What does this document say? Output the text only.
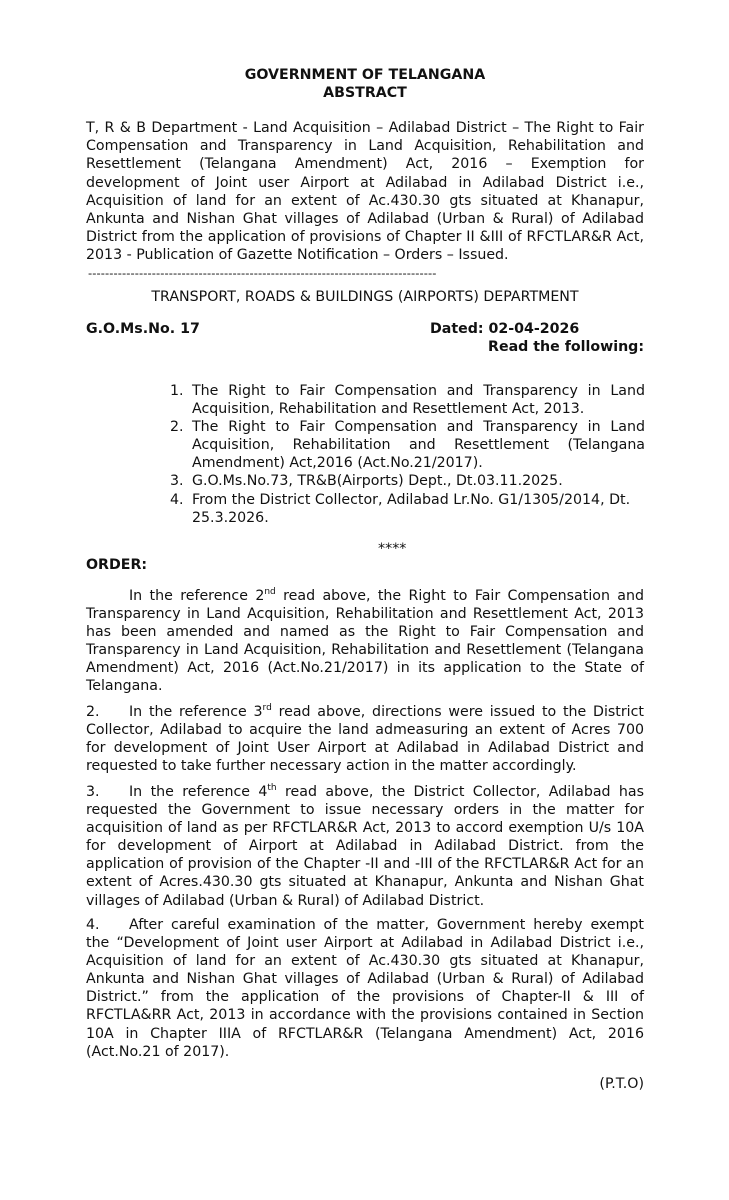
GOVERNMENT OF TELANGANA
ABSTRACT
T, R & B Department - Land Acquisition – Adilabad District – The Right to Fair Compensation and Transparency in Land Acquisition, Rehabilitation and Resettlement (Telangana Amendment) Act, 2016 – Exemption for development of Joint user Airport at Adilabad in Adilabad District i.e., Acquisition of land for an extent of Ac.430.30 gts situated at Khanapur, Ankunta and Nishan Ghat villages of Adilabad (Urban & Rural) of Adilabad District from the application of provisions of Chapter II &III of RFCTLAR&R Act, 2013 - Publication of Gazette Notification – Orders – Issued.
----------------------------------------------------------------------------------
TRANSPORT, ROADS & BUILDINGS (AIRPORTS) DEPARTMENT
G.O.Ms.No. 17	Dated: 02-04-2026
Read the following:
1. The Right to Fair Compensation and Transparency in Land Acquisition, Rehabilitation and Resettlement Act, 2013.
2. The Right to Fair Compensation and Transparency in Land Acquisition, Rehabilitation and Resettlement (Telangana Amendment) Act,2016 (Act.No.21/2017).
3. G.O.Ms.No.73, TR&B(Airports) Dept., Dt.03.11.2025.
4. From the District Collector, Adilabad Lr.No. G1/1305/2014, Dt. 25.3.2026.
****
ORDER:

In the reference 2nd read above, the Right to Fair Compensation and Transparency in Land Acquisition, Rehabilitation and Resettlement Act, 2013 has been amended and named as the Right to Fair Compensation and Transparency in Land Acquisition, Rehabilitation and Resettlement (Telangana Amendment) Act, 2016 (Act.No.21/2017) in its application to the State of Telangana.

2. In the reference 3rd read above, directions were issued to the District Collector, Adilabad to acquire the land admeasuring an extent of Acres 700 for development of Joint User Airport at Adilabad in Adilabad District and requested to take further necessary action in the matter accordingly.

3. In the reference 4th read above, the District Collector, Adilabad has requested the Government to issue necessary orders in the matter for acquisition of land as per RFCTLAR&R Act, 2013 to accord exemption U/s 10A for development of Airport at Adilabad in Adilabad District. from the application of provision of the Chapter -II and -III of the RFCTLAR&R Act for an extent of Acres.430.30 gts situated at Khanapur, Ankunta and Nishan Ghat villages of Adilabad (Urban & Rural) of Adilabad District.

4. After careful examination of the matter, Government hereby exempt the “Development of Joint user Airport at Adilabad in Adilabad District i.e., Acquisition of land for an extent of Ac.430.30 gts situated at Khanapur, Ankunta and Nishan Ghat villages of Adilabad (Urban & Rural) of Adilabad District.” from the application of the provisions of Chapter-II & III of RFCTLA&RR Act, 2013 in accordance with the provisions contained in Section 10A in Chapter IIIA of RFCTLAR&R (Telangana Amendment) Act, 2016 (Act.No.21 of 2017).

(P.T.O)
